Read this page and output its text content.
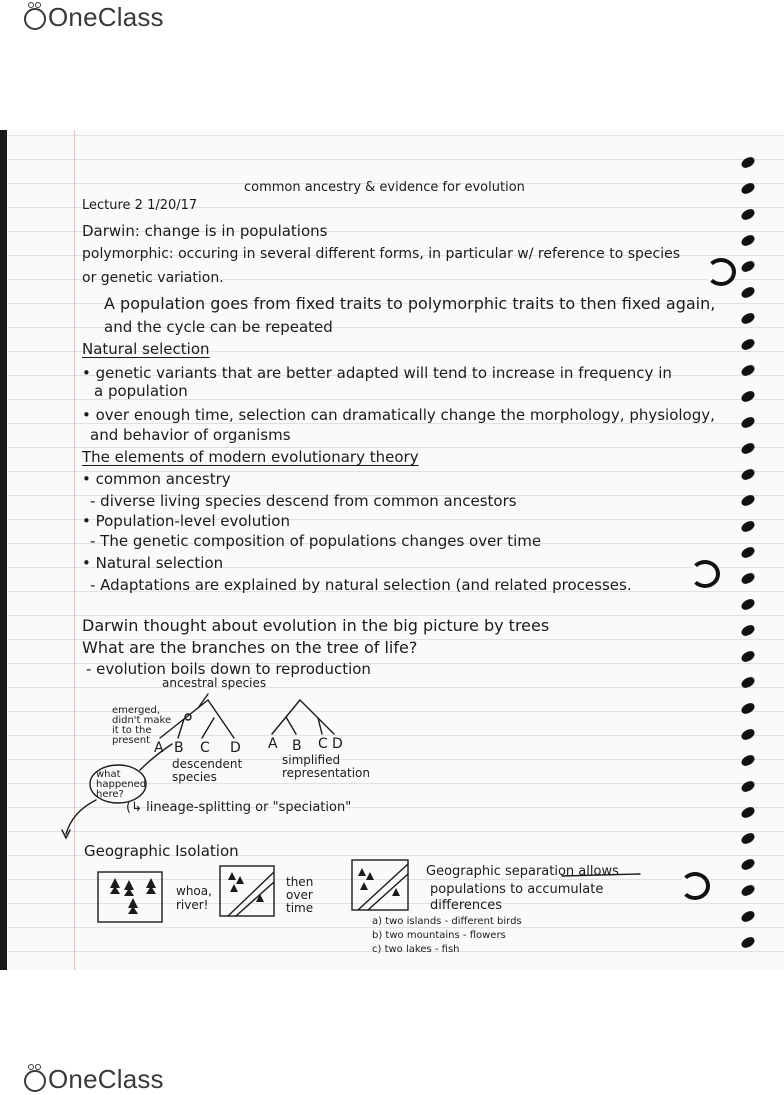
OneClass
common ancestry & evidence for evolution
Lecture 2 1/20/17
Darwin: change is in populations
polymorphic: occuring in several different forms, in particular w/ reference to species
or genetic variation.
A population goes from fixed traits to polymorphic traits to then fixed again,
and the cycle can be repeated
Natural selection
• genetic variants that are better adapted will tend to increase in frequency in
a population
• over enough time, selection can dramatically change the morphology, physiology,
and behavior of organisms
The elements of modern evolutionary theory
• common ancestry
- diverse living species descend from common ancestors
• Population-level evolution
- The genetic composition of populations changes over time
• Natural selection
- Adaptations are explained by natural selection (and related processes.
Darwin thought about evolution in the big picture by trees
What are the branches on the tree of life?
- evolution boils down to reproduction
ancestral species
emerged, didn't make it to the present A B C D A B C D
descendent species
simplified representation
what happened here?
(↳ lineage-splitting or "speciation"
Geographic Isolation
whoa, river!
then over time
Geographic separation allows
populations to accumulate
differences
a) two islands - different birds
b) two mountains - flowers
c) two lakes - fish
OneClass
